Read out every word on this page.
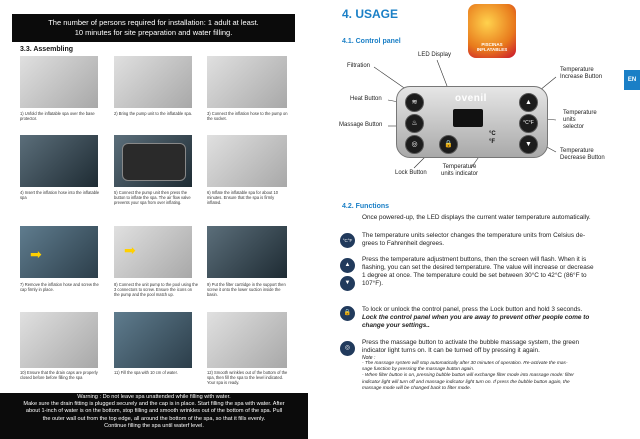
The number of persons required for installation: 1 adult at least.
10 minutes for site preparation and water filling.
3.3. Assembling
1) Unfold the inflatable spa over the base protector.
2) Bring the pump unit to the inflatable spa.	3) Connect the inflation hose to the pump on the socket.
4) Insert the inflation hose into the inflatable spa
5) Connect the pump unit then press the button to inflate the spa. The air flow valve prevents your spa from over inflating.
6) Inflate the inflatable spa for about 10 minutes. Ensure that the spa is firmly inflated.
➡
7) Remove the inflation hose and screw the cap firmly in place.
➡
8) Connect the unit pump to the pool using the 3 connectors to screw. Ensure the icons on the pump and the pool match up.
9) Put the filter cartridge in the support then screw it onto the lower suction inside the basin.
10) Ensure that the drain caps are properly closed before before filling the spa
11) Fill the spa with 10 cm of water.	12) Smooth wrinkles out of the bottom of the spa, then fill the spa to the level indicated. Your spa is ready.
Warning : Do not leave spa unattended while filling with water.
Make sure the drain fitting is plugged securely and the cap is in place. Start filling the spa with water. After
about 1-inch of water is on the bottom, stop filling and smooth wrinkles out of the bottom of the spa. Pull
the outer wall out from the top edge, all around the bottom of the spa, so that it fills evenly.
Continue filling the spa until waterf level.
4. USAGE
PISCINAS INFLATABLES
EN
4.1. Control panel
LED Display
Filtration
Heat Button
Massage Button
Lock Button
Temperature
units indicator
Temperature
Increase Button
Temperature
units
selector
Temperature
Decrease Button
ovenil
≋
♨
◎	🔒
°C
°F
▲
°C°F
▼
4.2. Functions
Once powered-up, the LED displays the current water temperature automatically.
°C°F
The temperature units selector changes the temperature units from Celsius de-
grees to Fahrenheit degrees.
▲
▼
Press the temperature adjustment buttons, then the screen will flash. When it is
flashing, you can set the desired temperature. The value will increase or decrease
1 degree at once. The temperature could be set between 30°C to 42°C (86°F to
107°F).
🔒	To lock or unlock the control panel, press the Lock button and hold 3 seconds.
Lock the control panel when you are away to prevent other people come to
change your settings..
◎
Press the massage button to activate the bubble massage system, the green
indicator light turns on. It can be turned off by pressing it again.
Note :
- The massage system will stop automatically after 30 minutes of operation. Re-activate the mas-
sage function by pressing the massage button again.
- When filter button is on, pressing bubble button will exchange filter mode into massage mode: filter
indicator light will turn off and massage indicator light turn on. If press the bubble button again, the
massage mode will be changed back to filter mode.
